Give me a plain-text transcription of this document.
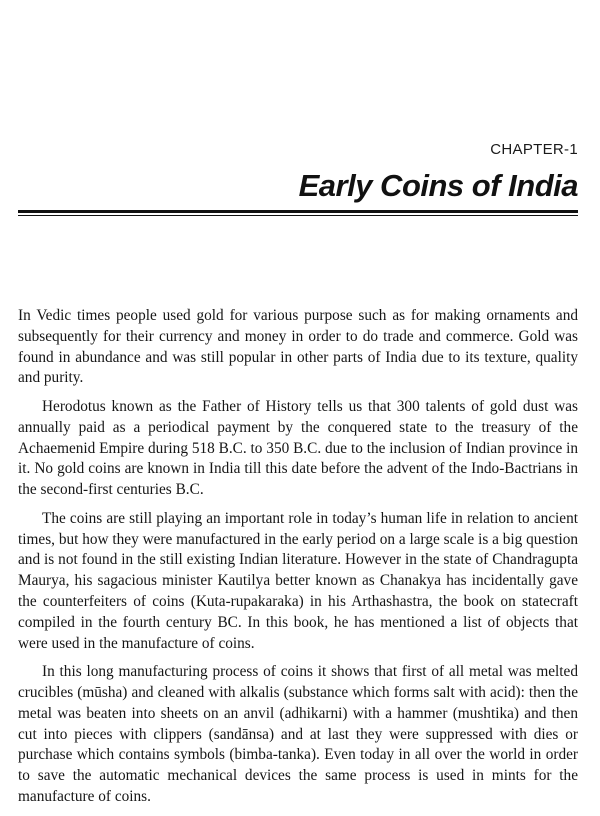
CHAPTER-1
Early Coins of India

In Vedic times people used gold for various purpose such as for making ornaments and subsequently for their currency and money in order to do trade and commerce. Gold was found in abundance and was still popular in other parts of India due to its texture, quality and purity.

Herodotus known as the Father of History tells us that 300 talents of gold dust was annually paid as a periodical payment by the conquered state to the treasury of the Achaemenid Empire during 518 B.C. to 350 B.C. due to the inclusion of Indian province in it. No gold coins are known in India till this date before the advent of the Indo-Bactrians in the second-first centuries B.C.

The coins are still playing an important role in today’s human life in relation to ancient times, but how they were manufactured in the early period on a large scale is a big question and is not found in the still existing Indian literature. However in the state of Chandragupta Maurya, his sagacious minister Kautilya better known as Chanakya has incidentally gave the counterfeiters of coins (Kuta-rupakaraka) in his Arthashastra, the book on statecraft compiled in the fourth century BC. In this book, he has mentioned a list of objects that were used in the manufacture of coins.

In this long manufacturing process of coins it shows that first of all metal was melted crucibles (mūsha) and cleaned with alkalis (substance which forms salt with acid): then the metal was beaten into sheets on an anvil (adhikarni) with a hammer (mushtika) and then cut into pieces with clippers (sandānsa) and at last they were suppressed with dies or purchase which contains symbols (bimba-tanka). Even today in all over the world in order to save the automatic mechanical devices the same process is used in mints for the manufacture of coins.
